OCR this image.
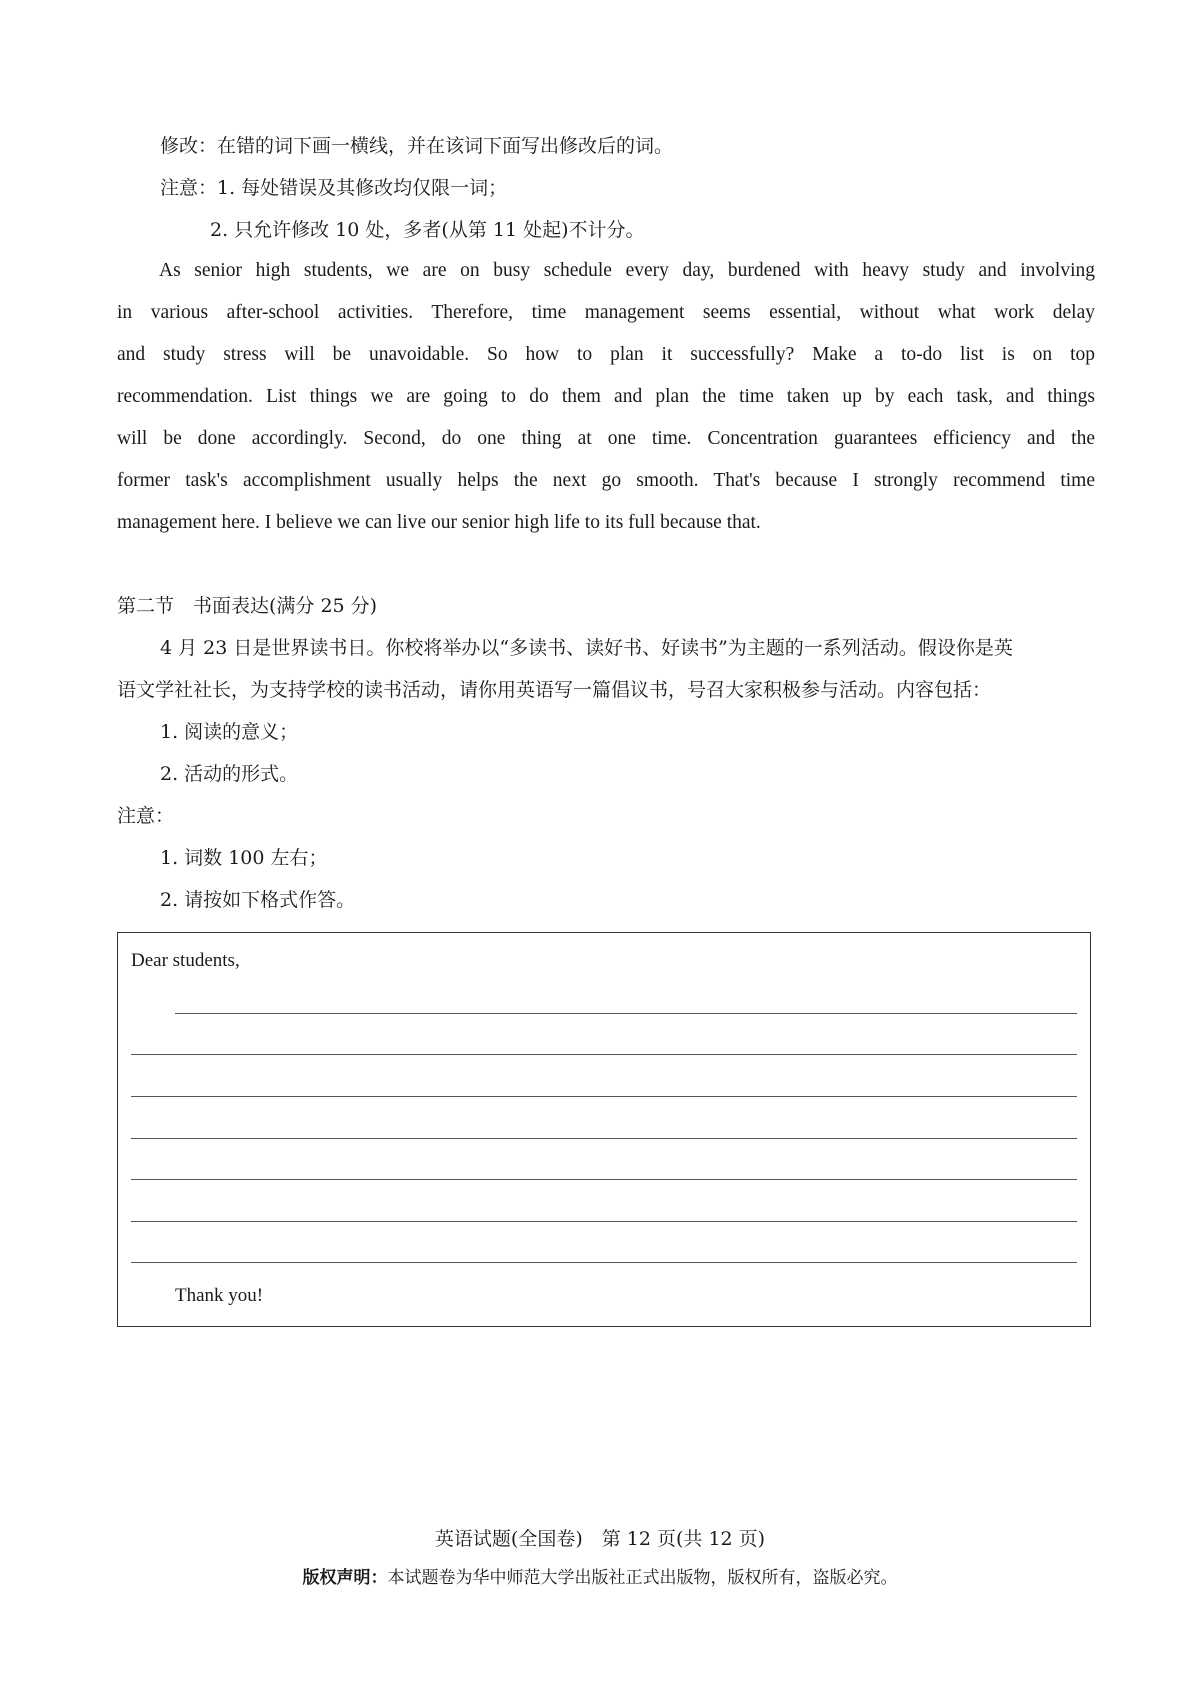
修改：在错的词下画一横线，并在该词下面写出修改后的词。
注意：1. 每处错误及其修改均仅限一词；
2. 只允许修改 10 处，多者(从第 11 处起)不计分。
As senior high students, we are on busy schedule every day, burdened with heavy study and involving
in various after-school activities. Therefore, time management seems essential, without what work delay
and study stress will be unavoidable. So how to plan it successfully? Make a to-do list is on top
recommendation. List things we are going to do them and plan the time taken up by each task, and things
will be done accordingly. Second, do one thing at one time. Concentration guarantees efficiency and the
former task's accomplishment usually helps the next go smooth. That's because I strongly recommend time
management here. I believe we can live our senior high life to its full because that.
第二节　书面表达(满分 25 分)
4 月 23 日是世界读书日。你校将举办以“多读书、读好书、好读书”为主题的一系列活动。假设你是英
语文学社社长，为支持学校的读书活动，请你用英语写一篇倡议书，号召大家积极参与活动。内容包括：
1. 阅读的意义；
2. 活动的形式。
注意：
1. 词数 100 左右；
2. 请按如下格式作答。
Dear students,
Thank you!
英语试题(全国卷)　第 12 页(共 12 页)
版权声明：本试题卷为华中师范大学出版社正式出版物，版权所有，盗版必究。
